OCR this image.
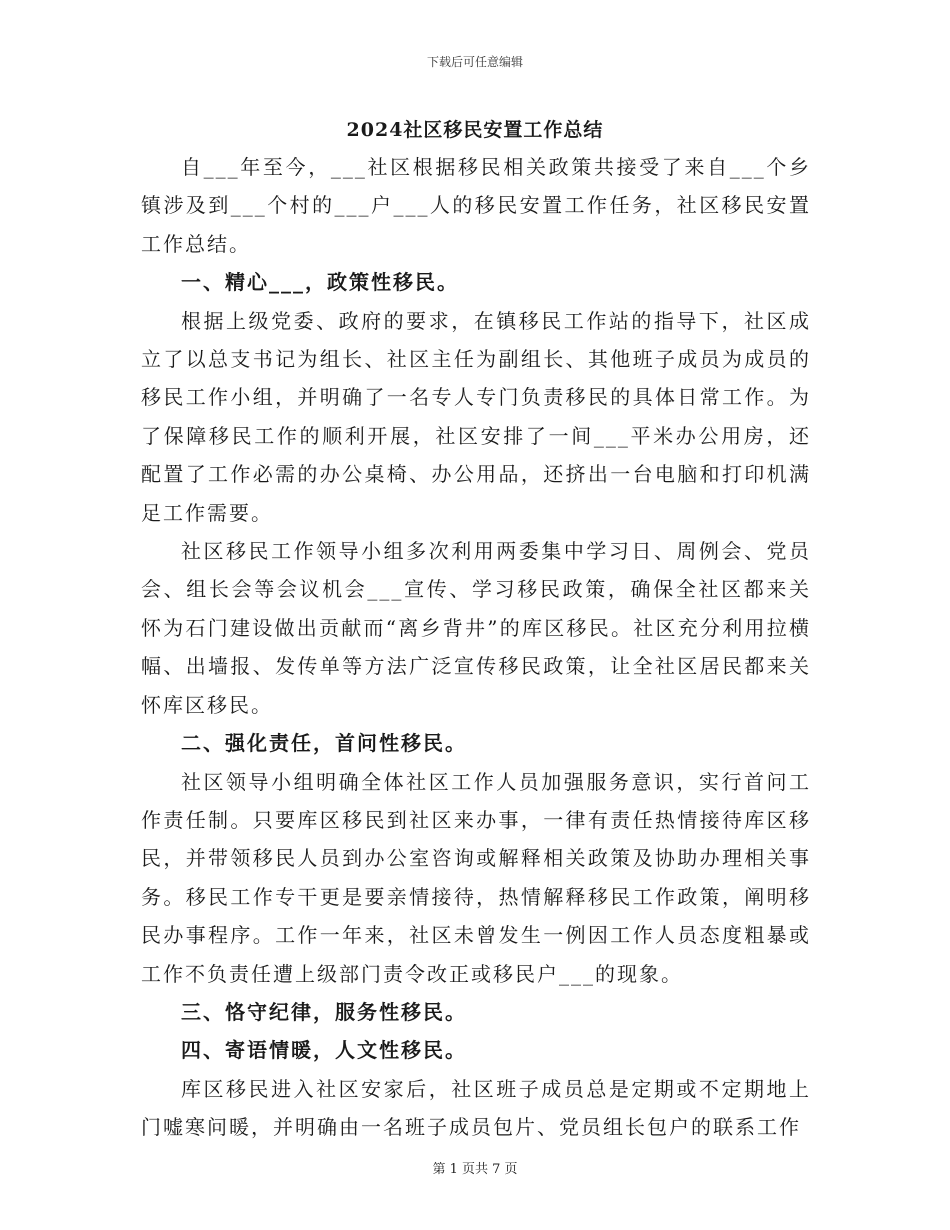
下载后可任意编辑
2024社区移民安置工作总结

自___年至今，___社区根据移民相关政策共接受了来自___个乡镇涉及到___个村的___户___人的移民安置工作任务，社区移民安置工作总结。

一、精心___，政策性移民。

根据上级党委、政府的要求，在镇移民工作站的指导下，社区成立了以总支书记为组长、社区主任为副组长、其他班子成员为成员的移民工作小组，并明确了一名专人专门负责移民的具体日常工作。为了保障移民工作的顺利开展，社区安排了一间___平米办公用房，还配置了工作必需的办公桌椅、办公用品，还挤出一台电脑和打印机满足工作需要。

社区移民工作领导小组多次利用两委集中学习日、周例会、党员会、组长会等会议机会___宣传、学习移民政策，确保全社区都来关怀为石门建设做出贡献而“离乡背井”的库区移民。社区充分利用拉横幅、出墙报、发传单等方法广泛宣传移民政策，让全社区居民都来关怀库区移民。

二、强化责任，首问性移民。

社区领导小组明确全体社区工作人员加强服务意识，实行首问工作责任制。只要库区移民到社区来办事，一律有责任热情接待库区移民，并带领移民人员到办公室咨询或解释相关政策及协助办理相关事务。移民工作专干更是要亲情接待，热情解释移民工作政策，阐明移民办事程序。工作一年来，社区未曾发生一例因工作人员态度粗暴或工作不负责任遭上级部门责令改正或移民户___的现象。

三、恪守纪律，服务性移民。

四、寄语情暖，人文性移民。

库区移民进入社区安家后，社区班子成员总是定期或不定期地上门嘘寒问暖，并明确由一名班子成员包片、党员组长包户的联系工作

第 1 页共 7 页
